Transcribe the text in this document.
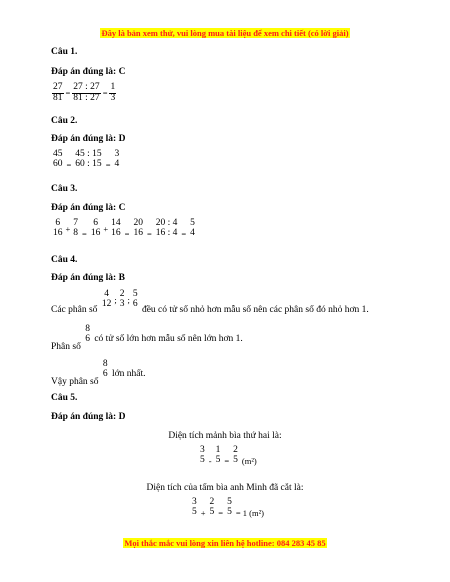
Đây là bản xem thử, vui lòng mua tài liệu để xem chi tiết (có lời giải)
Câu 1.
Đáp án đúng là: C
$\frac{27}{81} = \frac{27 : 27}{81 : 27} = \frac{1}{3}$
Câu 2.
Đáp án đúng là: D
45
60 =
45 : 15
60 : 15 =
3
4
Câu 3.
Đáp án đúng là: C
6
16 +
7
8 =
6
16 +
14
16 =
20
16 =
20 : 4
16 : 4 =
5
4
Câu 4.
Đáp án đúng là: B
Các phân số
4
12 ;
2
3 ;
5
6
đều có tử số nhỏ hơn mẫu số nên các phân số đó nhỏ hơn 1.
Phân số
8
6 có tử số lớn hơn mẫu số nên lớn hơn 1.
Vậy phân số
8
6 lớn nhất.
Câu 5.
Đáp án đúng là: D
Diện tích mảnh bìa thứ hai là:
3
5 -
1
5 =
2
5 (m²)
Diện tích của tấm bìa anh Minh đã cắt là:
3
5 +
2
5 =
5
5 = 1 (m²)
Mọi thắc mắc vui lòng xin liên hệ hotline: 084 283 45 85
